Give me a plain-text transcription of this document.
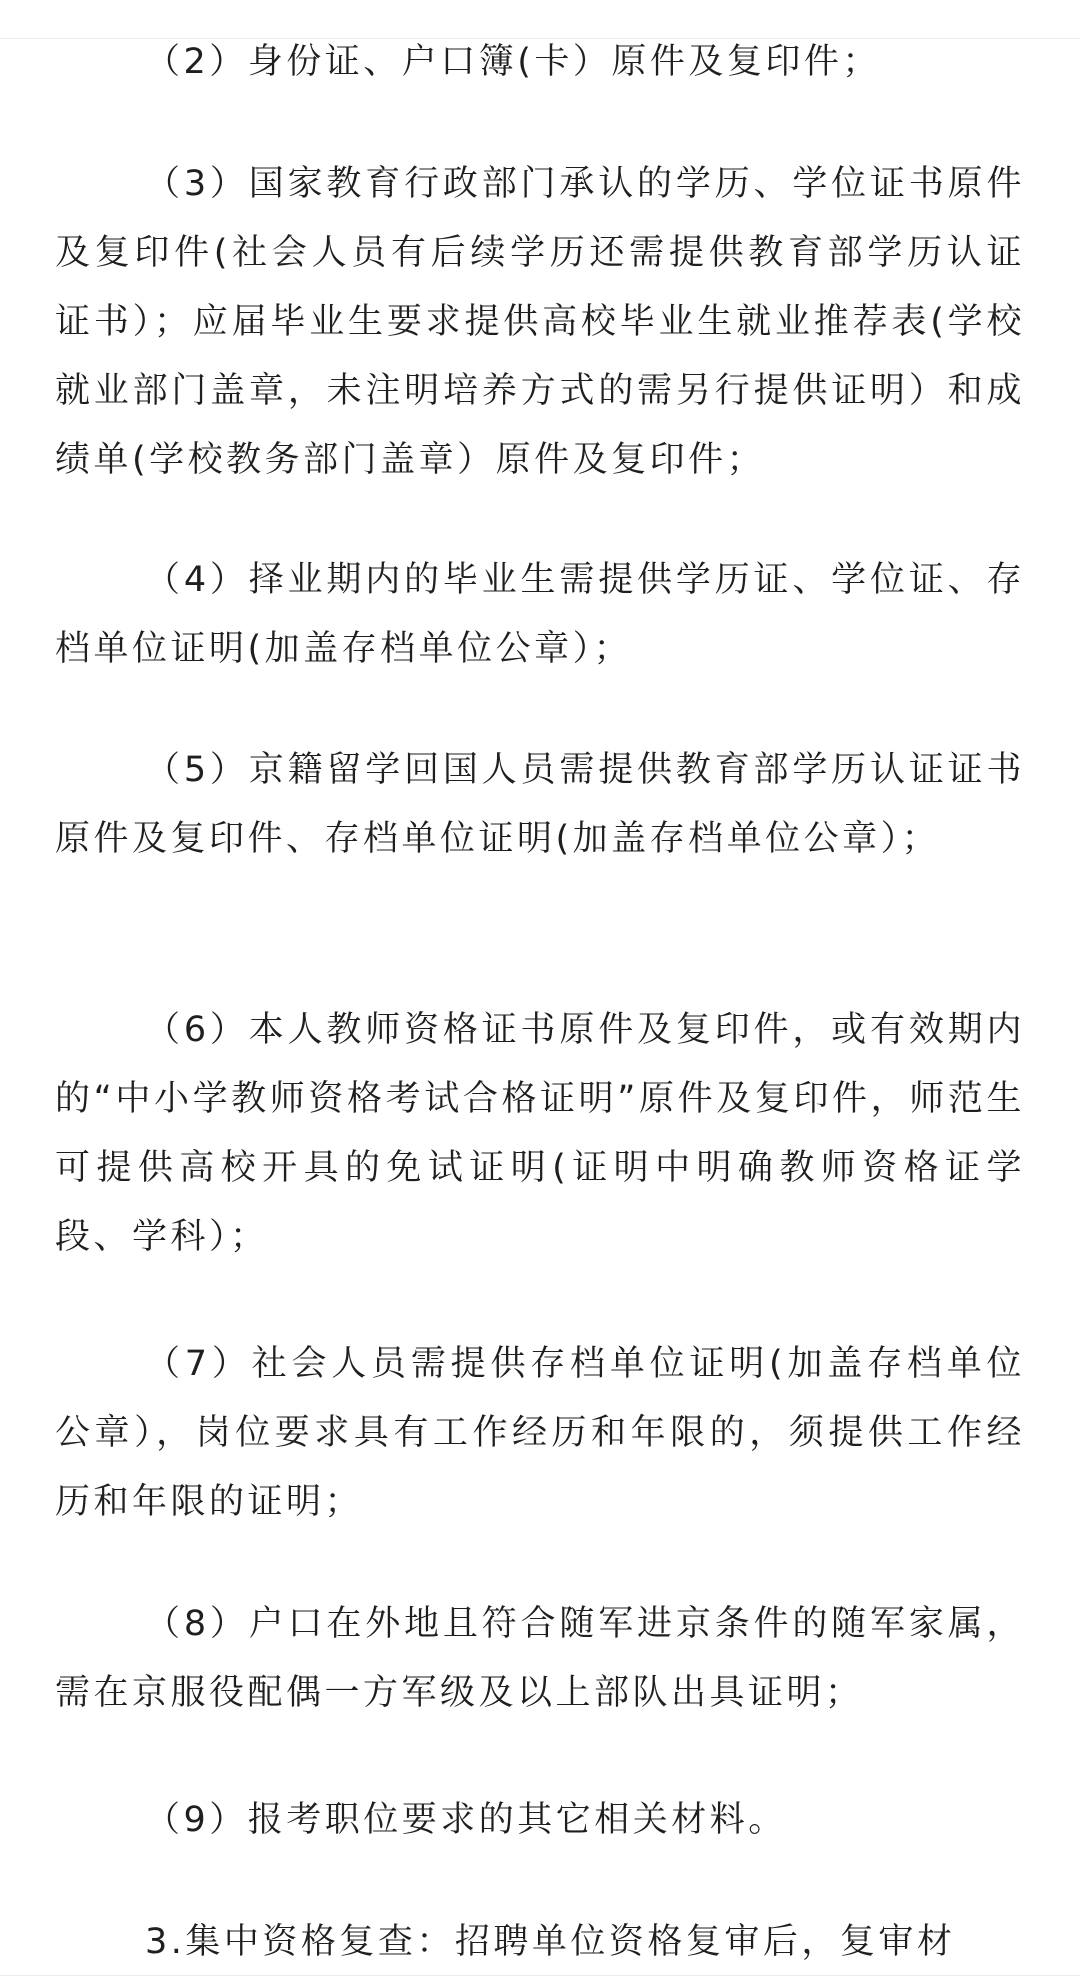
（2）身份证、户口簿(卡）原件及复印件；

（3）国家教育行政部门承认的学历、学位证书原件及复印件(社会人员有后续学历还需提供教育部学历认证证书）；应届毕业生要求提供高校毕业生就业推荐表(学校就业部门盖章，未注明培养方式的需另行提供证明）和成绩单(学校教务部门盖章）原件及复印件；

（4）择业期内的毕业生需提供学历证、学位证、存档单位证明(加盖存档单位公章）；

（5）京籍留学回国人员需提供教育部学历认证证书原件及复印件、存档单位证明(加盖存档单位公章）；

（6）本人教师资格证书原件及复印件，或有效期内的“中小学教师资格考试合格证明”原件及复印件，师范生可提供高校开具的免试证明(证明中明确教师资格证学段、学科）；

（7）社会人员需提供存档单位证明(加盖存档单位公章），岗位要求具有工作经历和年限的，须提供工作经历和年限的证明；

（8）户口在外地且符合随军进京条件的随军家属，需在京服役配偶一方军级及以上部队出具证明；

（9）报考职位要求的其它相关材料。

3.集中资格复查：招聘单位资格复审后，复审材
